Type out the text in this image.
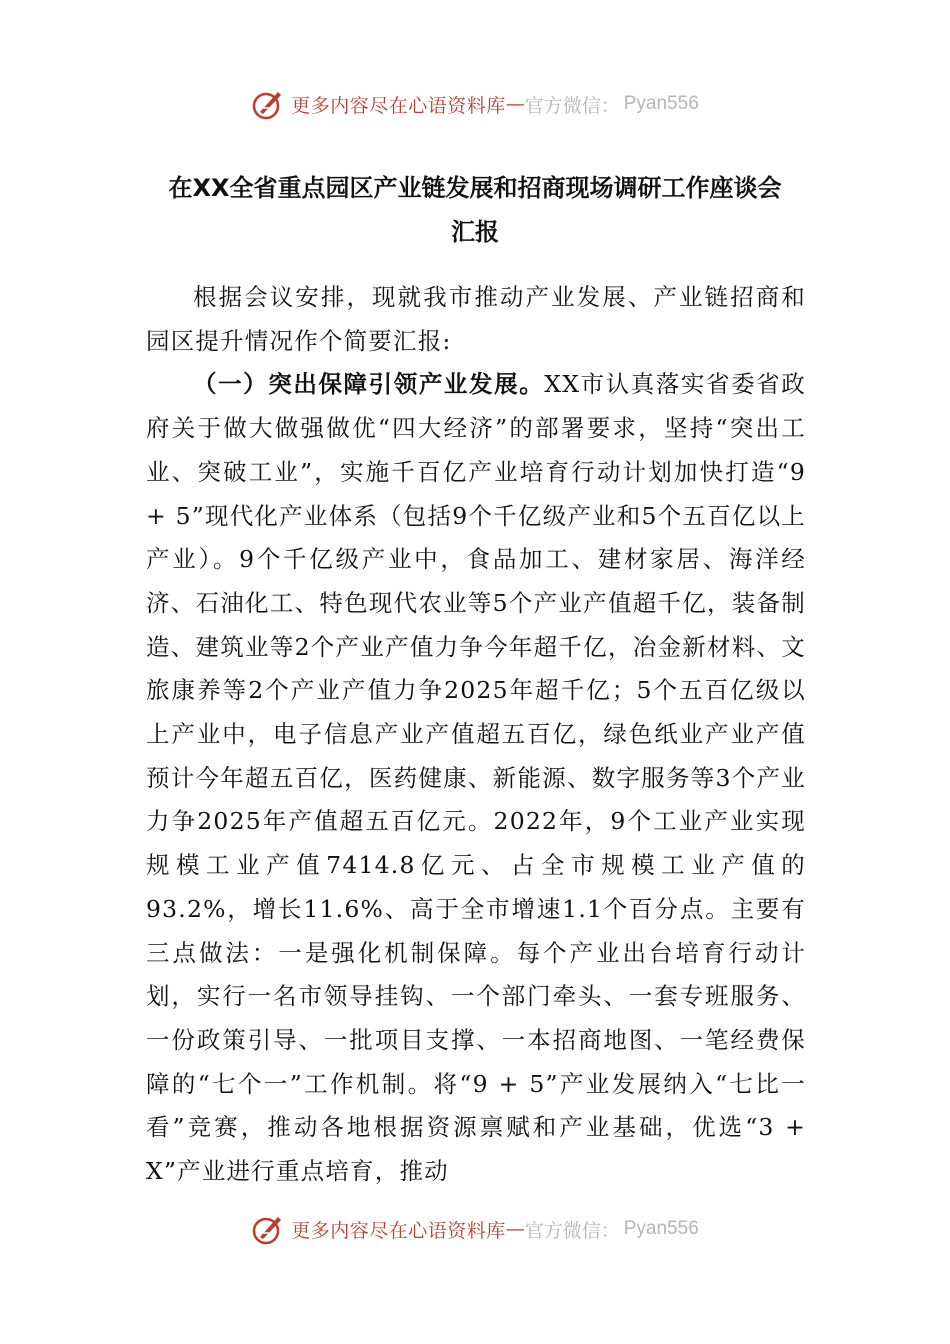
更多内容尽在心语资料库 — 官方微信： Pyan556
在XX全省重点园区产业链发展和招商现场调研工作座谈会
汇报

根据会议安排，现就我市推动产业发展、产业链招商和园区提升情况作个简要汇报:

（一）突出保障引领产业发展。XX市认真落实省委省政府关于做大做强做优“四大经济”的部署要求，坚持“突出工业、突破工业”，实施千百亿产业培育行动计划加快打造“9 + 5”现代化产业体系（包括9个千亿级产业和5个五百亿以上产业）。9个千亿级产业中，食品加工、建材家居、海洋经济、石油化工、特色现代农业等5个产业产值超千亿，装备制造、建筑业等2个产业产值力争今年超千亿，冶金新材料、文旅康养等2个产业产值力争2025年超千亿；5个五百亿级以上产业中，电子信息产业产值超五百亿，绿色纸业产业产值预计今年超五百亿，医药健康、新能源、数字服务等3个产业力争2025年产值超五百亿元。2022年，9个工业产业实现规模工业产值7414.8亿元、占全市规模工业产值的93.2%，增长11.6%、高于全市增速1.1个百分点。主要有三点做法：一是强化机制保障。每个产业出台培育行动计划，实行一名市领导挂钩、一个部门牵头、一套专班服务、一份政策引导、一批项目支撑、一本招商地图、一笔经费保障的“七个一”工作机制。将“9 + 5”产业发展纳入“七比一看”竞赛，推动各地根据资源禀赋和产业基础，优选“3 + X”产业进行重点培育，推动

更多内容尽在心语资料库 — 官方微信： Pyan556
